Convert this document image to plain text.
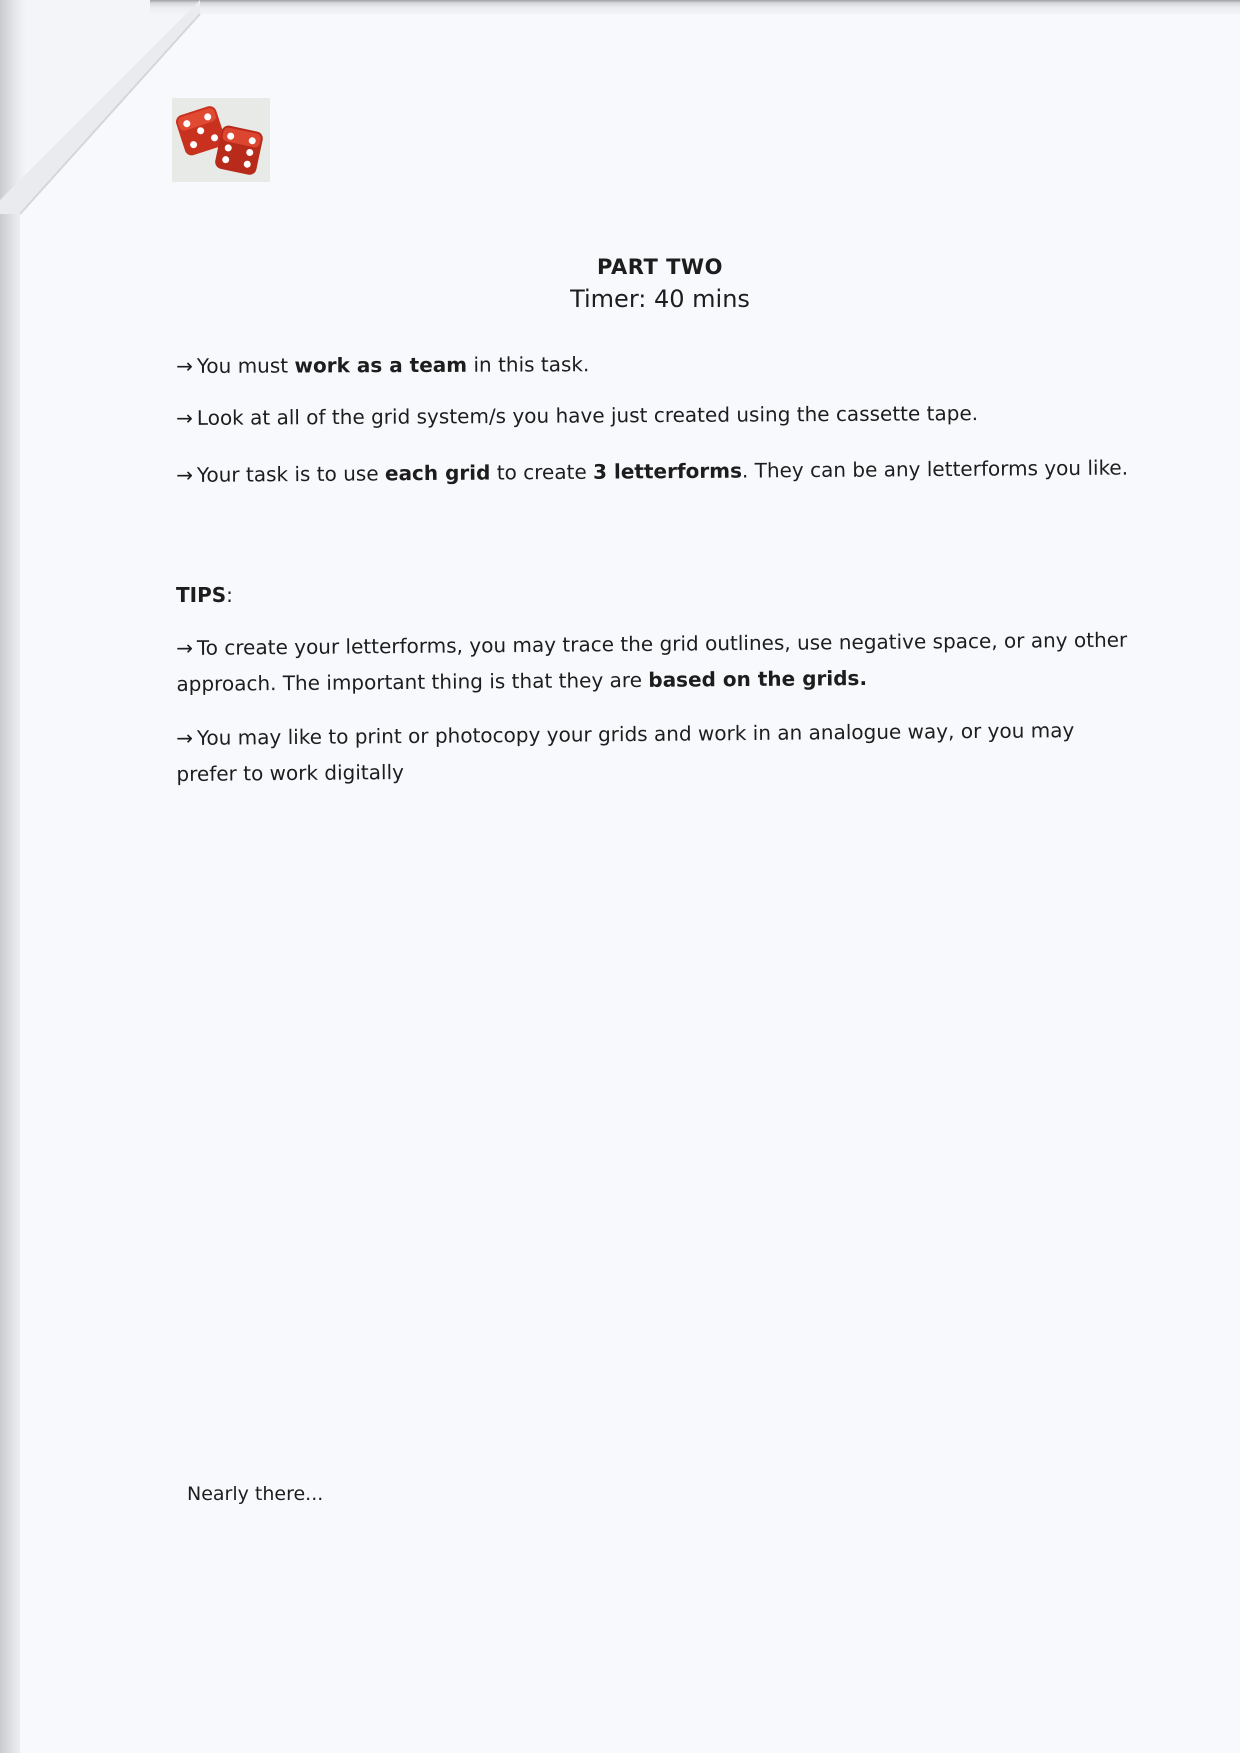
PART TWO
Timer: 40 mins
→ You must work as a team in this task.
→ Look at all of the grid system/s you have just created using the cassette tape.
→ Your task is to use each grid to create 3 letterforms. They can be any letterforms you like.
TIPS:
→ To create your letterforms, you may trace the grid outlines, use negative space, or any other approach. The important thing is that they are based on the grids.
→ You may like to print or photocopy your grids and work in an analogue way, or you may prefer to work digitally
Nearly there...
